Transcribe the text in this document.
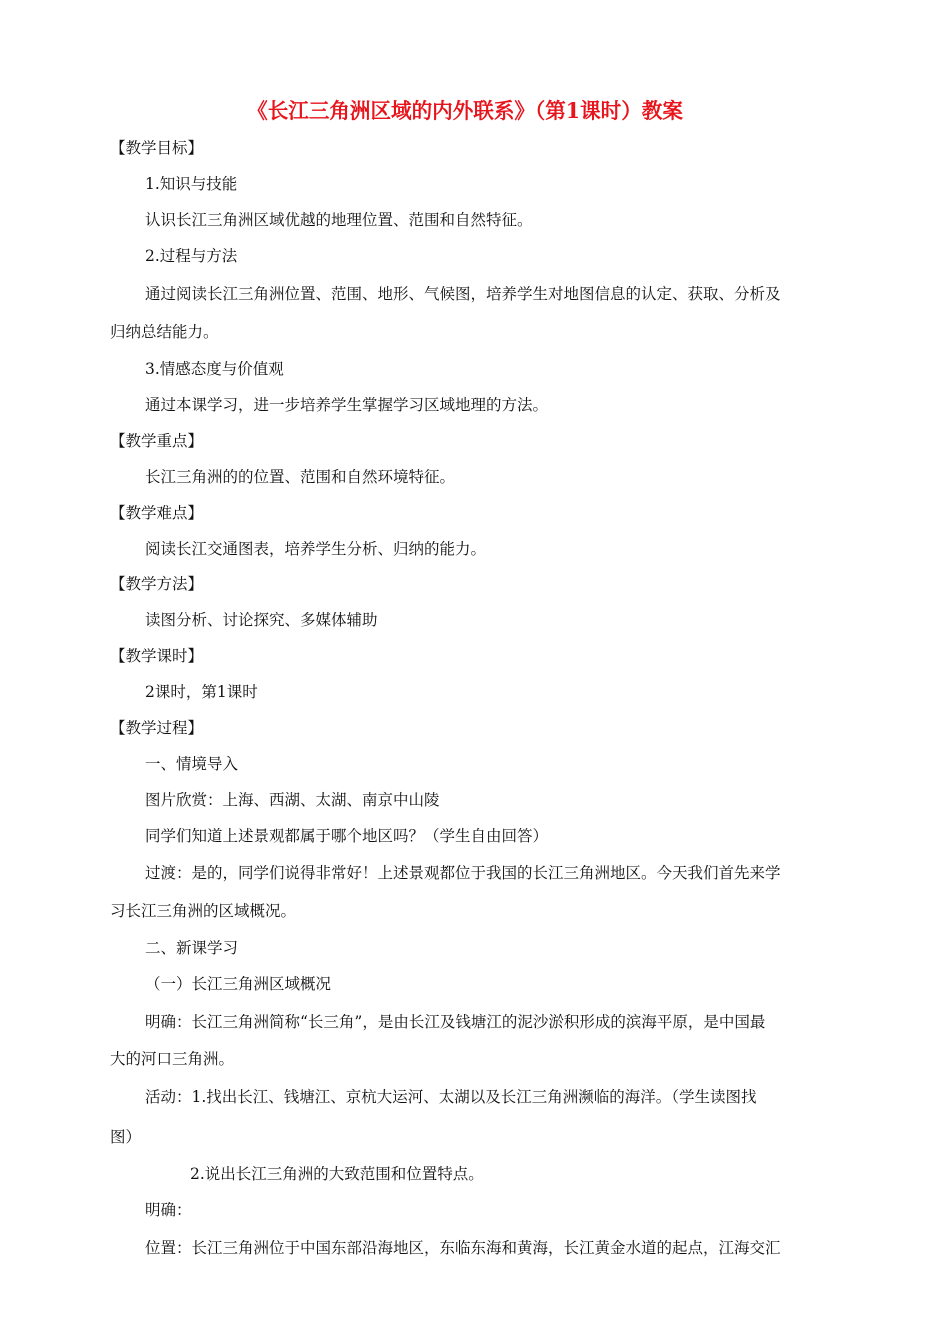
《长江三角洲区域的内外联系》（第1课时）教案
【教学目标】
1.知识与技能
认识长江三角洲区域优越的地理位置、范围和自然特征。
2.过程与方法
通过阅读长江三角洲位置、范围、地形、气候图，培养学生对地图信息的认定、获取、分析及
归纳总结能力。
3.情感态度与价值观
通过本课学习，进一步培养学生掌握学习区域地理的方法。
【教学重点】
长江三角洲的的位置、范围和自然环境特征。
【教学难点】
阅读长江交通图表，培养学生分析、归纳的能力。
【教学方法】
读图分析、讨论探究、多媒体辅助
【教学课时】
2课时，第1课时
【教学过程】
一、情境导入
图片欣赏：上海、西湖、太湖、南京中山陵
同学们知道上述景观都属于哪个地区吗？（学生自由回答）
过渡：是的，同学们说得非常好！上述景观都位于我国的长江三角洲地区。今天我们首先来学
习长江三角洲的区域概况。
二、新课学习
（一）长江三角洲区域概况
明确：长江三角洲简称“长三角”，是由长江及钱塘江的泥沙淤积形成的滨海平原，是中国最
大的河口三角洲。
活动：1.找出长江、钱塘江、京杭大运河、太湖以及长江三角洲濒临的海洋。（学生读图找
图）
2.说出长江三角洲的大致范围和位置特点。
明确：
位置：长江三角洲位于中国东部沿海地区，东临东海和黄海，长江黄金水道的起点，江海交汇
